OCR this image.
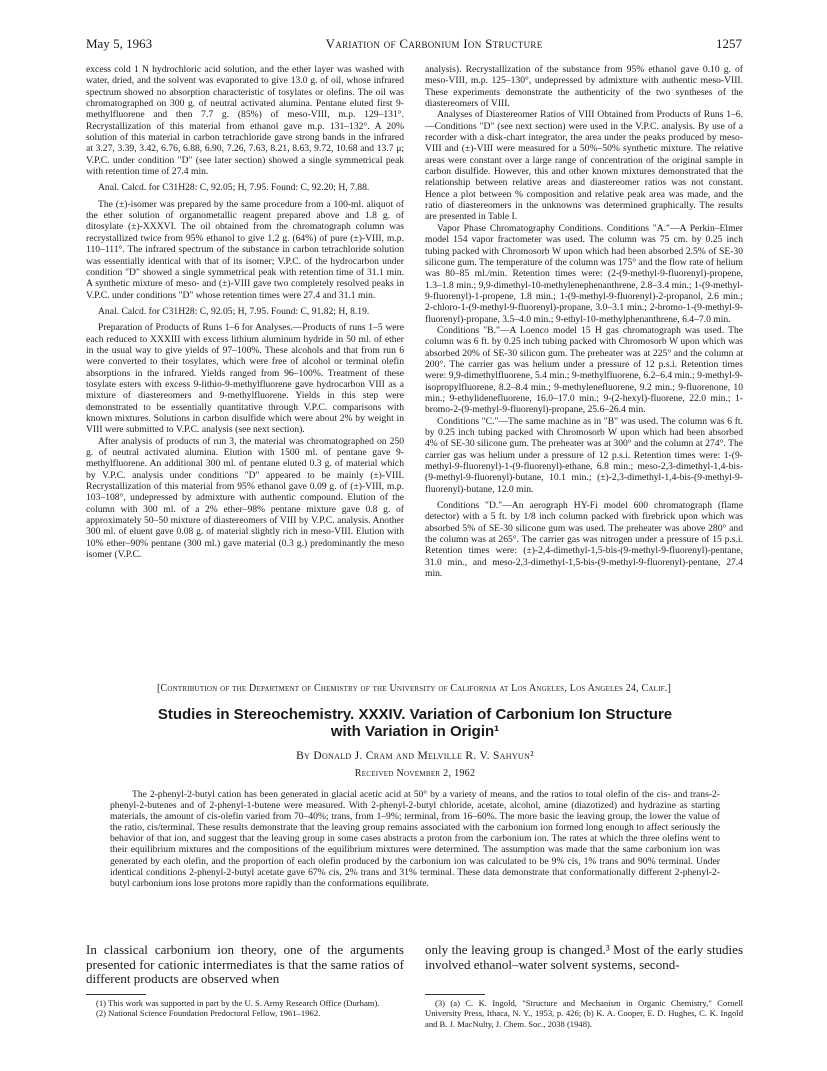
May 5, 1963	Variation of Carbonium Ion Structure	1257

excess cold 1 N hydrochloric acid solution, and the ether layer was washed with water, dried, and the solvent was evaporated to give 13.0 g. of oil, whose infrared spectrum showed no absorption characteristic of tosylates or olefins. The oil was chromatographed on 300 g. of neutral activated alumina. Pentane eluted first 9-methylfluorene and then 7.7 g. (85%) of meso-VIII, m.p. 129–131°. Recrystallization of this material from ethanol gave m.p. 131–132°. A 20% solution of this material in carbon tetrachloride gave strong bands in the infrared at 3.27, 3.39, 3.42, 6.76, 6.88, 6.90, 7.26, 7.63, 8.21, 8.63, 9.72, 10.68 and 13.7 μ; V.P.C. under condition "D" (see later section) showed a single symmetrical peak with retention time of 27.4 min.

Anal. Calcd. for C31H28: C, 92.05; H, 7.95. Found: C, 92.20; H, 7.88.

The (±)-isomer was prepared by the same procedure from a 100-ml. aliquot of the ether solution of organometallic reagent prepared above and 1.8 g. of ditosylate (±)-XXXVI. The oil obtained from the chromatograph column was recrystallized twice from 95% ethanol to give 1.2 g. (64%) of pure (±)-VIII, m.p. 110–111°. The infrared spectrum of the substance in carbon tetrachloride solution was essentially identical with that of its isomer; V.P.C. of the hydrocarbon under condition "D" showed a single symmetrical peak with retention time of 31.1 min. A synthetic mixture of meso- and (±)-VIII gave two completely resolved peaks in V.P.C. under conditions "D" whose retention times were 27.4 and 31.1 min.

Anal. Calcd. for C31H28: C, 92.05; H, 7.95. Found: C, 91.82; H, 8.19.

Preparation of Products of Runs 1–6 for Analyses.—Products of runs 1–5 were each reduced to XXXIII with excess lithium aluminum hydride in 50 ml. of ether in the usual way to give yields of 97–100%. These alcohols and that from run 6 were converted to their tosylates, which were free of alcohol or terminal olefin absorptions in the infrared. Yields ranged from 96–100%. Treatment of these tosylate esters with excess 9-lithio-9-methylfluorene gave hydrocarbon VIII as a mixture of diastereomers and 9-methylfluorene. Yields in this step were demonstrated to be essentially quantitative through V.P.C. comparisons with known mixtures. Solutions in carbon disulfide which were about 2% by weight in VIII were submitted to V.P.C. analysis (see next section).

After analysis of products of run 3, the material was chromatographed on 250 g. of neutral activated alumina. Elution with 1500 ml. of pentane gave 9-methylfluorene. An additional 300 ml. of pentane eluted 0.3 g. of material which by V.P.C. analysis under conditions "D" appeared to be mainly (±)-VIII. Recrystallization of this material from 95% ethanol gave 0.09 g. of (±)-VIII, m.p. 103–108°, undepressed by admixture with authentic compound. Elution of the column with 300 ml. of a 2% ether–98% pentane mixture gave 0.8 g. of approximately 50–50 mixture of diastereomers of VIII by V.P.C. analysis. Another 300 ml. of eluent gave 0.08 g. of material slightly rich in meso-VIII. Elution with 10% ether–90% pentane (300 ml.) gave material (0.3 g.) predominantly the meso isomer (V.P.C.

analysis). Recrystallization of the substance from 95% ethanol gave 0.10 g. of meso-VIII, m.p. 125–130°, undepressed by admixture with authentic meso-VIII. These experiments demonstrate the authenticity of the two syntheses of the diastereomers of VIII.

Analyses of Diastereomer Ratios of VIII Obtained from Products of Runs 1–6.—Conditions "D" (see next section) were used in the V.P.C. analysis. By use of a recorder with a disk-chart integrator, the area under the peaks produced by meso-VIII and (±)-VIII were measured for a 50%–50% synthetic mixture. The relative areas were constant over a large range of concentration of the original sample in carbon disulfide. However, this and other known mixtures demonstrated that the relationship between relative areas and diastereomer ratios was not constant. Hence a plot between % composition and relative peak area was made, and the ratio of diastereomers in the unknowns was determined graphically. The results are presented in Table I.

Vapor Phase Chromatography Conditions. Conditions "A."—A Perkin–Elmer model 154 vapor fractometer was used. The column was 75 cm. by 0.25 inch tubing packed with Chromosorb W upon which had been absorbed 2.5% of SE-30 silicone gum. The temperature of the column was 175° and the flow rate of helium was 80–85 ml./min. Retention times were: (2-(9-methyl-9-fluorenyl)-propene, 1.3–1.8 min.; 9,9-dimethyl-10-methylenephenanthrene, 2.8–3.4 min.; 1-(9-methyl-9-fluorenyl)-1-propene, 1.8 min.; 1-(9-methyl-9-fluorenyl)-2-propanol, 2.6 min.; 2-chloro-1-(9-methyl-9-fluorenyl)-propane, 3.0–3.1 min.; 2-bromo-1-(9-methyl-9-fluorenyl)-propane, 3.5–4.0 min.; 9-ethyl-10-methylphenanthrene, 6.4–7.0 min.

Conditions "B."—A Loenco model 15 H gas chromatograph was used. The column was 6 ft. by 0.25 inch tubing packed with Chromosorb W upon which was absorbed 20% of SE-30 silicon gum. The preheater was at 225° and the column at 200°. The carrier gas was helium under a pressure of 12 p.s.i. Retention times were: 9,9-dimethylfluorene, 5.4 min.; 9-methylfluorene, 6.2–6.4 min.; 9-methyl-9-isopropylfluorene, 8.2–8.4 min.; 9-methylenefluorene, 9.2 min.; 9-fluorenone, 10 min.; 9-ethylidenefluorene, 16.0–17.0 min.; 9-(2-hexyl)-fluorene, 22.0 min.; 1-bromo-2-(9-methyl-9-fluorenyl)-propane, 25.6–26.4 min.

Conditions "C."—The same machine as in "B" was used. The column was 6 ft. by 0.25 inch tubing packed with Chromosorb W upon which had been absorbed 4% of SE-30 silicone gum. The preheater was at 300° and the column at 274°. The carrier gas was helium under a pressure of 12 p.s.i. Retention times were: 1-(9-methyl-9-fluorenyl)-1-(9-fluorenyl)-ethane, 6.8 min.; meso-2,3-dimethyl-1,4-bis-(9-methyl-9-fluorenyl)-butane, 10.1 min.; (±)-2,3-dimethyl-1,4-bis-(9-methyl-9-fluorenyl)-butane, 12.0 min.

Conditions "D."—An aerograph HY-Fi model 600 chromatograph (flame detector) with a 5 ft. by 1/8 inch column packed with firebrick upon which was absorbed 5% of SE-30 silicone gum was used. The preheater was above 280° and the column was at 265°. The carrier gas was nitrogen under a pressure of 15 p.s.i. Retention times were: (±)-2,4-dimethyl-1,5-bis-(9-methyl-9-fluorenyl)-pentane, 31.0 min., and meso-2,3-dimethyl-1,5-bis-(9-methyl-9-fluorenyl)-pentane, 27.4 min.

[Contribution of the Department of Chemistry of the University of California at Los Angeles, Los Angeles 24, Calif.]
Studies in Stereochemistry. XXXIV. Variation of Carbonium Ion Structure
with Variation in Origin¹
By Donald J. Cram and Melville R. V. Sahyun²
Received November 2, 1962
The 2-phenyl-2-butyl cation has been generated in glacial acetic acid at 50° by a variety of means, and the ratios to total olefin of the cis- and trans-2-phenyl-2-butenes and of 2-phenyl-1-butene were measured. With 2-phenyl-2-butyl chloride, acetate, alcohol, amine (diazotized) and hydrazine as starting materials, the amount of cis-olefin varied from 70–40%; trans, from 1–9%; terminal, from 16–60%. The more basic the leaving group, the lower the value of the ratio, cis/terminal. These results demonstrate that the leaving group remains associated with the carbonium ion formed long enough to affect seriously the behavior of that ion, and suggest that the leaving group in some cases abstracts a proton from the carbonium ion. The rates at which the three olefins went to their equilibrium mixtures and the compositions of the equilibrium mixtures were determined. The assumption was made that the same carbonium ion was generated by each olefin, and the proportion of each olefin produced by the carbonium ion was calculated to be 9% cis, 1% trans and 90% terminal. Under identical conditions 2-phenyl-2-butyl acetate gave 67% cis, 2% trans and 31% terminal. These data demonstrate that conformationally different 2-phenyl-2-butyl carbonium ions lose protons more rapidly than the conformations equilibrate.
In classical carbonium ion theory, one of the arguments presented for cationic intermediates is that the same ratios of different products are observed when
only the leaving group is changed.³ Most of the early studies involved ethanol–water solvent systems, second-
(1) This work was supported in part by the U. S. Army Research Office (Durham).
(2) National Science Foundation Predoctoral Fellow, 1961–1962.
(3) (a) C. K. Ingold, "Structure and Mechanism in Organic Chemistry," Cornell University Press, Ithaca, N. Y., 1953, p. 426; (b) K. A. Cooper, E. D. Hughes, C. K. Ingold and B. J. MacNulty, J. Chem. Soc., 2038 (1948).
